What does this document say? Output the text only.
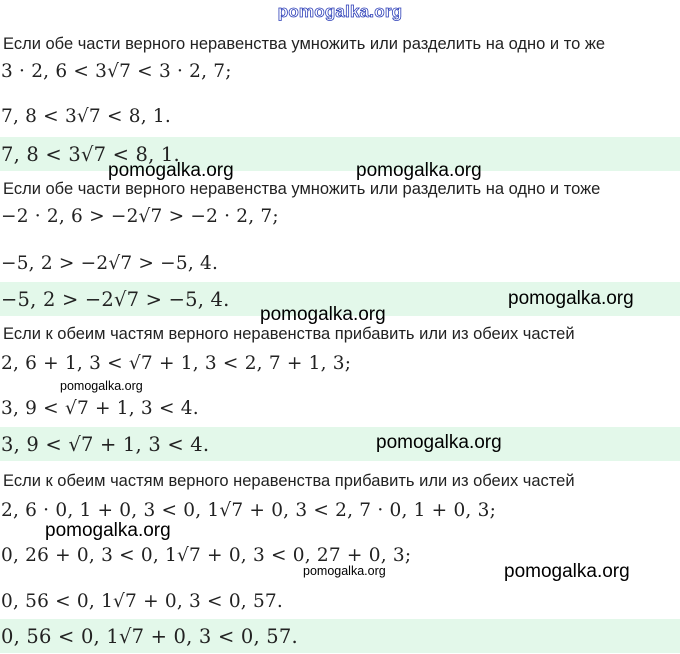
pomogalka.org
Если обе части верного неравенства умножить или разделить на одно и то же
3 · 2, 6 < 3√7 < 3 · 2, 7;
7, 8 < 3√7 < 8, 1.
7, 8 < 3√7 < 8, 1.
Если обе части верного неравенства умножить или разделить на одно и тоже
−2 · 2, 6 > −2√7 > −2 · 2, 7;
−5, 2 > −2√7 > −5, 4.
−5, 2 > −2√7 > −5, 4.
Если к обеим частям верного неравенства прибавить или из обеих частей
2, 6 + 1, 3 < √7 + 1, 3 < 2, 7 + 1, 3;
3, 9 < √7 + 1, 3 < 4.
3, 9 < √7 + 1, 3 < 4.
Если к обеим частям верного неравенства прибавить или из обеих частей
2, 6 · 0, 1 + 0, 3 < 0, 1√7 + 0, 3 < 2, 7 · 0, 1 + 0, 3;
0, 26 + 0, 3 < 0, 1√7 + 0, 3 < 0, 27 + 0, 3;
0, 56 < 0, 1√7 + 0, 3 < 0, 57.
0, 56 < 0, 1√7 + 0, 3 < 0, 57.
pomogalka.org	pomogalka.org
pomogalka.org
pomogalka.org
pomogalka.org
pomogalka.org
pomogalka.org
pomogalka.org	pomogalka.org
